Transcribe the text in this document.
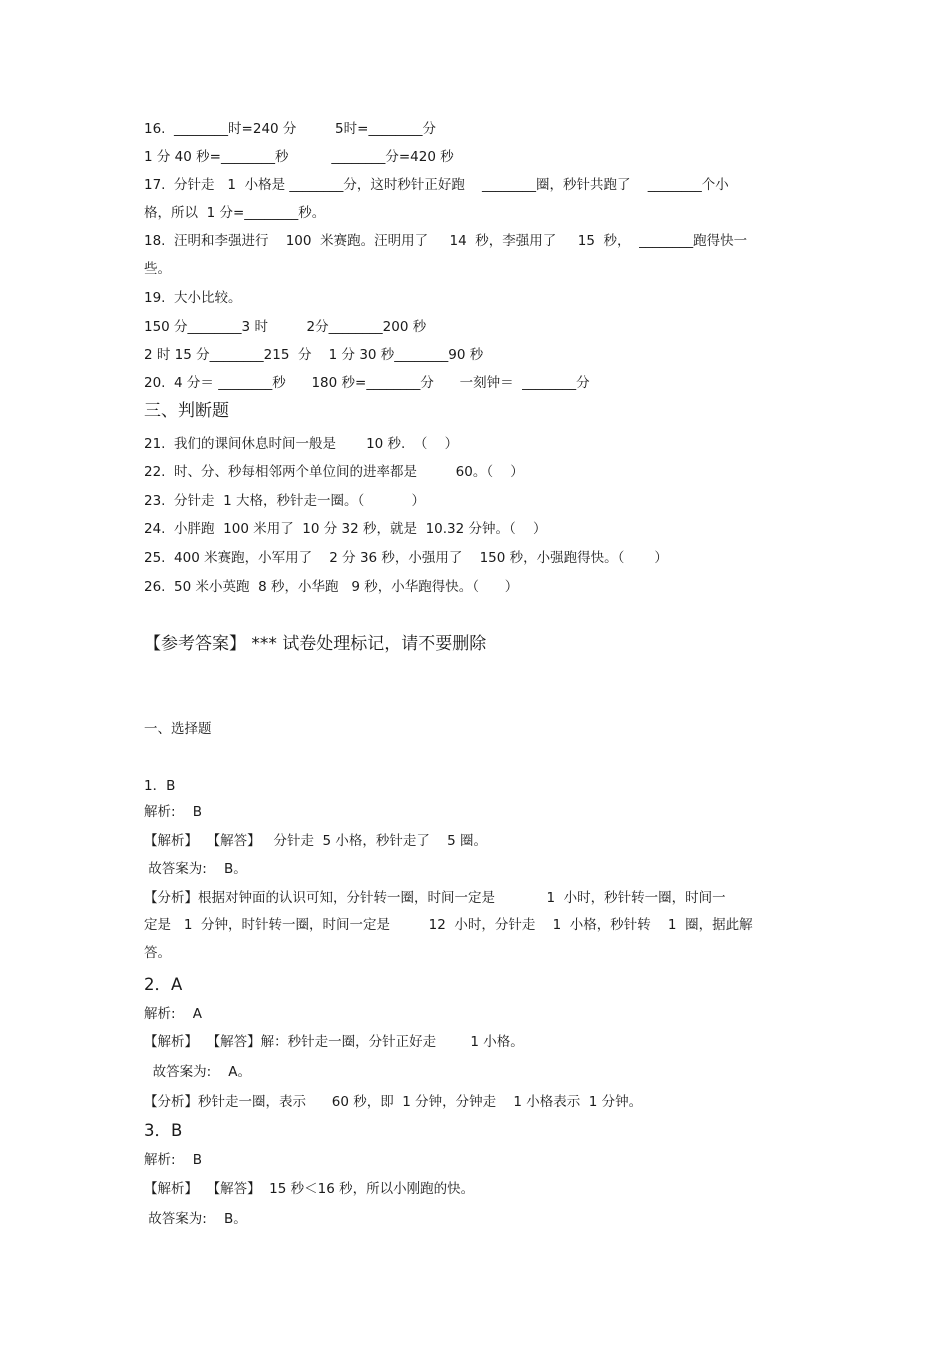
16.  ________时=240 分         5时=________分
1 分 40 秒=________秒          ________分=420 秒
17.  分针走   1  小格是 ________分，这时秒针正好跑    ________圈，秒针共跑了    ________个小
格，所以  1 分=________秒。
18.  汪明和李强进行    100  米赛跑。汪明用了     14  秒，李强用了     15  秒，  ________跑得快一
些。
19.  大小比较。
150 分________3 时         2分________200 秒
2 时 15 分________215  分    1 分 30 秒________90 秒
20.  4 分＝ ________秒      180 秒=________分      一刻钟＝  ________分
三、判断题
21.  我们的课间休息时间一般是       10 秒.  （    ）
22.  时、分、秒每相邻两个单位间的进率都是         60。（    ）
23.  分针走  1 大格，秒针走一圈。（           ）
24.  小胖跑  100 米用了  10 分 32 秒，就是  10.32 分钟。（    ）
25.  400 米赛跑，小军用了    2 分 36 秒，小强用了    150 秒，小强跑得快。（       ）
26.  50 米小英跑  8 秒，小华跑   9 秒，小华跑得快。（      ）
【参考答案】 *** 试卷处理标记，请不要删除
一、选择题
1．B
解析:    B
【解析】  【解答】   分针走  5 小格，秒针走了    5 圈。
故答案为:    B。
【分析】根据对钟面的认识可知，分针转一圈，时间一定是            1  小时，秒针转一圈，时间一
定是   1  分钟，时针转一圈，时间一定是         12  小时，分针走    1  小格，秒针转    1  圈，据此解
答。
2．A
解析:    A
【解析】  【解答】解：秒针走一圈，分针正好走        1 小格。
故答案为:    A。
【分析】秒针走一圈，表示      60 秒，即  1 分钟，分钟走    1 小格表示  1 分钟。
3．B
解析:    B
【解析】  【解答】  15 秒＜16 秒，所以小刚跑的快。
故答案为:    B。
